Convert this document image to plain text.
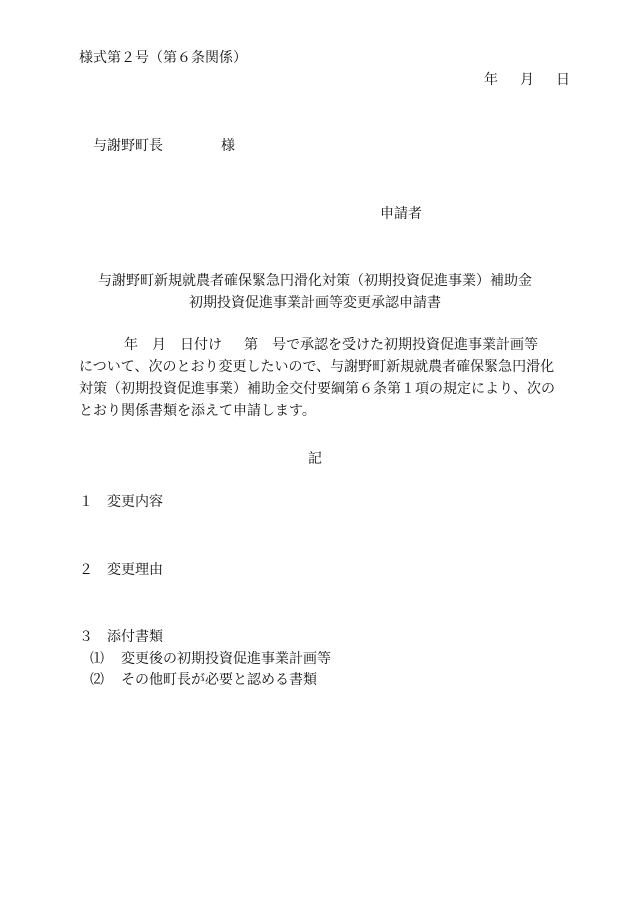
様式第２号（第６条関係）
年 月 日
与謝野町長	様
申請者
与謝野町新規就農者確保緊急円滑化対策（初期投資促進事業）補助金
初期投資促進事業計画等変更承認申請書
年 月 日付け 第 号で承認を受けた初期投資促進事業計画等
について、次のとおり変更したいので、与謝野町新規就農者確保緊急円滑化
対策（初期投資促進事業）補助金交付要綱第６条第１項の規定により、次の
とおり関係書類を添えて申請します。
記
１ 変更内容
２ 変更理由
３ 添付書類
⑴ 変更後の初期投資促進事業計画等
⑵ その他町長が必要と認める書類
